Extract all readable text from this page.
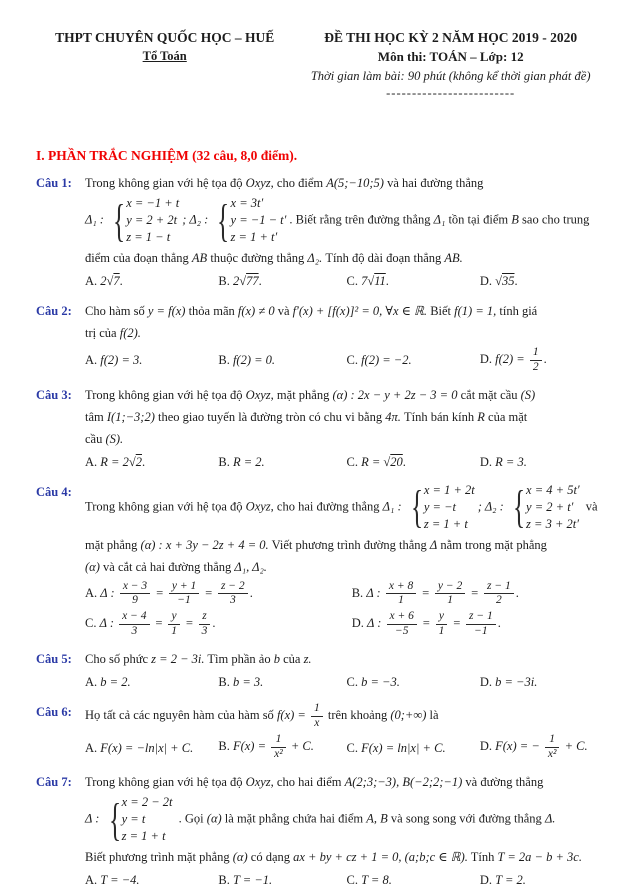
THPT CHUYÊN QUỐC HỌC – HUẾ
Tổ Toán
ĐỀ THI HỌC KỲ 2 NĂM HỌC 2019 - 2020
Môn thi: TOÁN – Lớp: 12
Thời gian làm bài: 90 phút (không kể thời gian phát đề)
-------------------------
I. PHẦN TRẮC NGHIỆM (32 câu, 8,0 điểm).
Câu 1:	Trong không gian với hệ tọa độ Oxyz, cho điểm A(5;−10;5) và hai đường thẳng
Δ₁ : { x = −1 + t
y = 2 + 2t
z = 1 − t
; Δ₂ : { x = 3t′
y = −1 − t′
z = 1 + t′
. Biết rằng trên đường thẳng Δ₁ tồn tại điểm B sao cho trung
điểm của đoạn thẳng AB thuộc đường thẳng Δ₂. Tính độ dài đoạn thẳng AB.
A. 2√7.	B. 2√77.	C. 7√11.	D. √35.
Câu 2:	Cho hàm số y = f(x) thỏa mãn f(x) ≠ 0 và f′(x) + [f(x)]² = 0, ∀x ∈ ℝ. Biết f(1) = 1, tính giá
trị của f(2).
A. f(2) = 3.	B. f(2) = 0.	C. f(2) = −2.	D. $f(2) = \frac{1}{2}$ .
Câu 3:	Trong không gian với hệ tọa độ Oxyz, mặt phẳng (α) : 2x − y + 2z − 3 = 0 cắt mặt cầu (S)
tâm I(1;−3;2) theo giao tuyến là đường tròn có chu vi bằng 4π. Tính bán kính R của mặt
cầu (S).
A. R = 2√2.	B. R = 2.	C. R = √20.	D. R = 3.
Câu 4:
Trong không gian với hệ tọa độ Oxyz, cho hai đường thẳng Δ₁ : { x = 1 + 2t
y = −t
z = 1 + t
; Δ₂ : { x = 4 + 5t′
y = 2 + t′
z = 3 + 2t′
và
mặt phẳng (α) : x + 3y − 2z + 4 = 0. Viết phương trình đường thẳng Δ nằm trong mặt phẳng
(α) và cắt cả hai đường thẳng Δ₁, Δ₂.
A. Δ : $\frac{x - 3}{9} = \frac{y + 1}{-1} = \frac{z - 2}{3}$ .	B. Δ : $\frac{x + 8}{1} = \frac{y - 2}{1} = \frac{z - 1}{2}$ .
C. Δ : $\frac{x - 4}{3} = \frac{y}{1} = \frac{z}{3}$ .	D. Δ : $\frac{x + 6}{-5} = \frac{y}{1} = \frac{z - 1}{-1}$ .
Câu 5:	Cho số phức z = 2 − 3i. Tìm phần ảo b của z.
A. b = 2.	B. b = 3.	C. b = −3.	D. b = −3i.
Câu 6:	Họ tất cả các nguyên hàm của hàm số $f(x) = \frac{1}{x}$ trên khoảng (0;+∞) là
A. F(x) = −ln|x| + C.	B. $F(x) = \frac{1}{\text{x²}} + C$.	C. F(x) = ln|x| + C.	D. F(x) = − $\frac{1}{\text{x²}} + C$.
Câu 7:	Trong không gian với hệ tọa độ Oxyz, cho hai điểm A(2;3;−3), B(−2;2;−1) và đường thẳng
Δ : { x = 2 − 2t
y = t
z = 1 + t
. Gọi (α) là mặt phẳng chứa hai điểm A, B và song song với đường thẳng Δ.
Biết phương trình mặt phẳng (α) có dạng ax + by + cz + 1 = 0, (a;b;c ∈ ℝ). Tính T = 2a − b + 3c.
A. T = −4.	B. T = −1.	C. T = 8.	D. T = 2.
